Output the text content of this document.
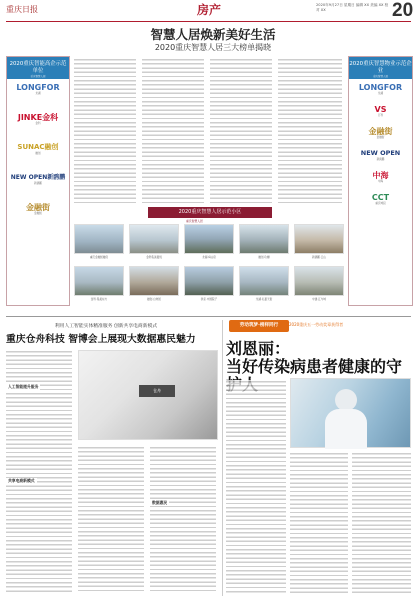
重庆日报	房产	2020年9月27日 星期日 编辑 XX 美编 XX 校对 XX	20
智慧人居焕新美好生活
2020重庆智慧人居三大榜单揭晓
2020重庆智能高企示范单位
重庆智慧人居
LONGFOR
龙湖
JINKE金科
金科
SUNAC融创
融创
NEW OPEN新鸥鹏
新鸥鹏
金融街
金融街
2020重庆智慧物业示范企业
重庆智慧人居
LONGFOR
龙湖
VS
万科
金融街
金融街
NEW OPEN
新鸥鹏
中海
中海
CCT
重庆城投
2020重庆智慧人居示范小区
重庆智慧人居
重庆金融街融府	金科集美嘉悦	龙湖·舜山府	融创·玖樾	新鸥鹏·云山
金科·集美东方	融创·白象街	我家·中国院子	龙湖·礼嘉天街	中建·江与城
利用人工智能实体精准服务 创新共享电商新模式
重庆仓舟科技 智博会上展现大数据惠民魅力
人工智能提升服务
共享电商新模式
仓舟
数据惠民
劳动筑梦·榜样同行	2020重庆五一劳动奖章获得者
刘恩丽：
当好传染病患者健康的守
